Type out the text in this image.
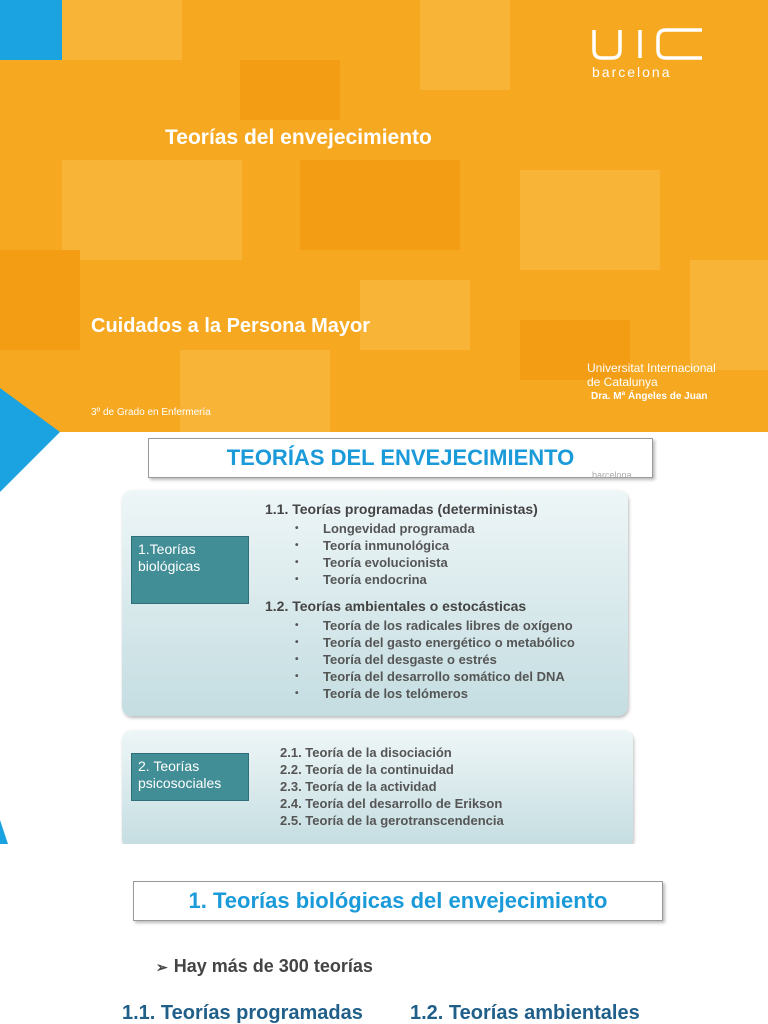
barcelona
Teorías del envejecimiento
Cuidados a la Persona Mayor
3º de Grado en Enfermería
Universitat Internacional
de Catalunya
Dra. Mª Ángeles de Juan
TEORÍAS DEL ENVEJECIMIENTO
barcelona
1.Teorías
biológicas
1.1. Teorías programadas (deterministas)
• Longevidad programada
• Teoría inmunológica
• Teoría evolucionista
• Teoría endocrina
1.2. Teorías ambientales o estocásticas
• Teoría de los radicales libres de oxígeno
• Teoría del gasto energético o metabólico
• Teoría del desgaste o estrés
• Teoría del desarrollo somático del DNA
• Teoría de los telómeros
2. Teorías
psicosociales
2.1. Teoría de la disociación
2.2. Teoría de la continuidad
2.3. Teoría de la actividad
2.4. Teoría del desarrollo de Erikson
2.5. Teoría de la gerotranscendencia
1. Teorías biológicas del envejecimiento
➢ Hay más de 300 teorías
1.1. Teorías programadas 1.2. Teorías ambientales
